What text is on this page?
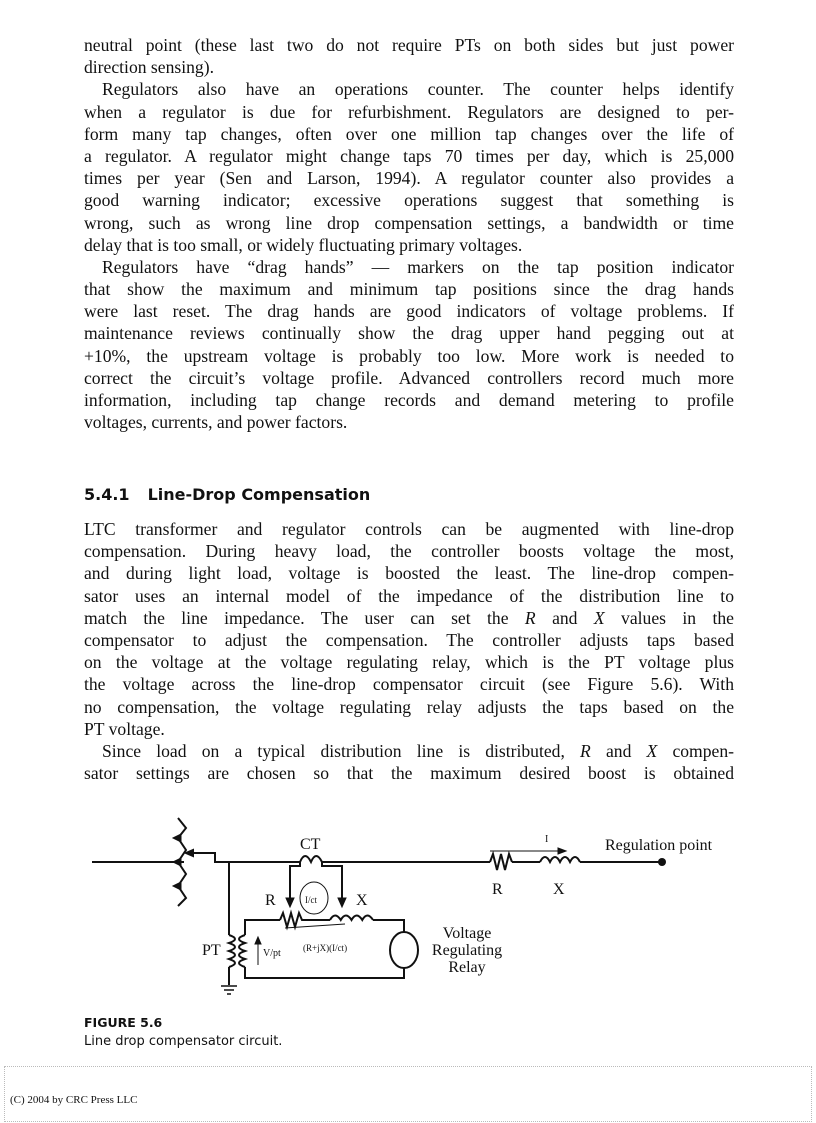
neutral point (these last two do not require PTs on both sides but just power
direction sensing).
Regulators also have an operations counter. The counter helps identify
when a regulator is due for refurbishment. Regulators are designed to per-
form many tap changes, often over one million tap changes over the life of
a regulator. A regulator might change taps 70 times per day, which is 25,000
times per year (Sen and Larson, 1994). A regulator counter also provides a
good warning indicator; excessive operations suggest that something is
wrong, such as wrong line drop compensation settings, a bandwidth or time
delay that is too small, or widely fluctuating primary voltages.
Regulators have “drag hands” — markers on the tap position indicator
that show the maximum and minimum tap positions since the drag hands
were last reset. The drag hands are good indicators of voltage problems. If
maintenance reviews continually show the drag upper hand pegging out at
+10%, the upstream voltage is probably too low. More work is needed to
correct the circuit’s voltage profile. Advanced controllers record much more
information, including tap change records and demand metering to profile
voltages, currents, and power factors.
5.4.1 Line-Drop Compensation
LTC transformer and regulator controls can be augmented with line-drop
compensation. During heavy load, the controller boosts voltage the most,
and during light load, voltage is boosted the least. The line-drop compen-
sator uses an internal model of the impedance of the distribution line to
match the line impedance. The user can set the R and X values in the
compensator to adjust the compensation. The controller adjusts taps based
on the voltage at the voltage regulating relay, which is the PT voltage plus
the voltage across the line-drop compensator circuit (see Figure 5.6). With
no compensation, the voltage regulating relay adjusts the taps based on the
PT voltage.
Since load on a typical distribution line is distributed, R and X compen-
sator settings are chosen so that the maximum desired boost is obtained
CT	I	Regulation point
R	X
R	X
I/ct
PT	V/pt (R+jX)(I/ct)
Voltage
Regulating
Relay
FIGURE 5.6
Line drop compensator circuit.
(C) 2004 by CRC Press LLC
